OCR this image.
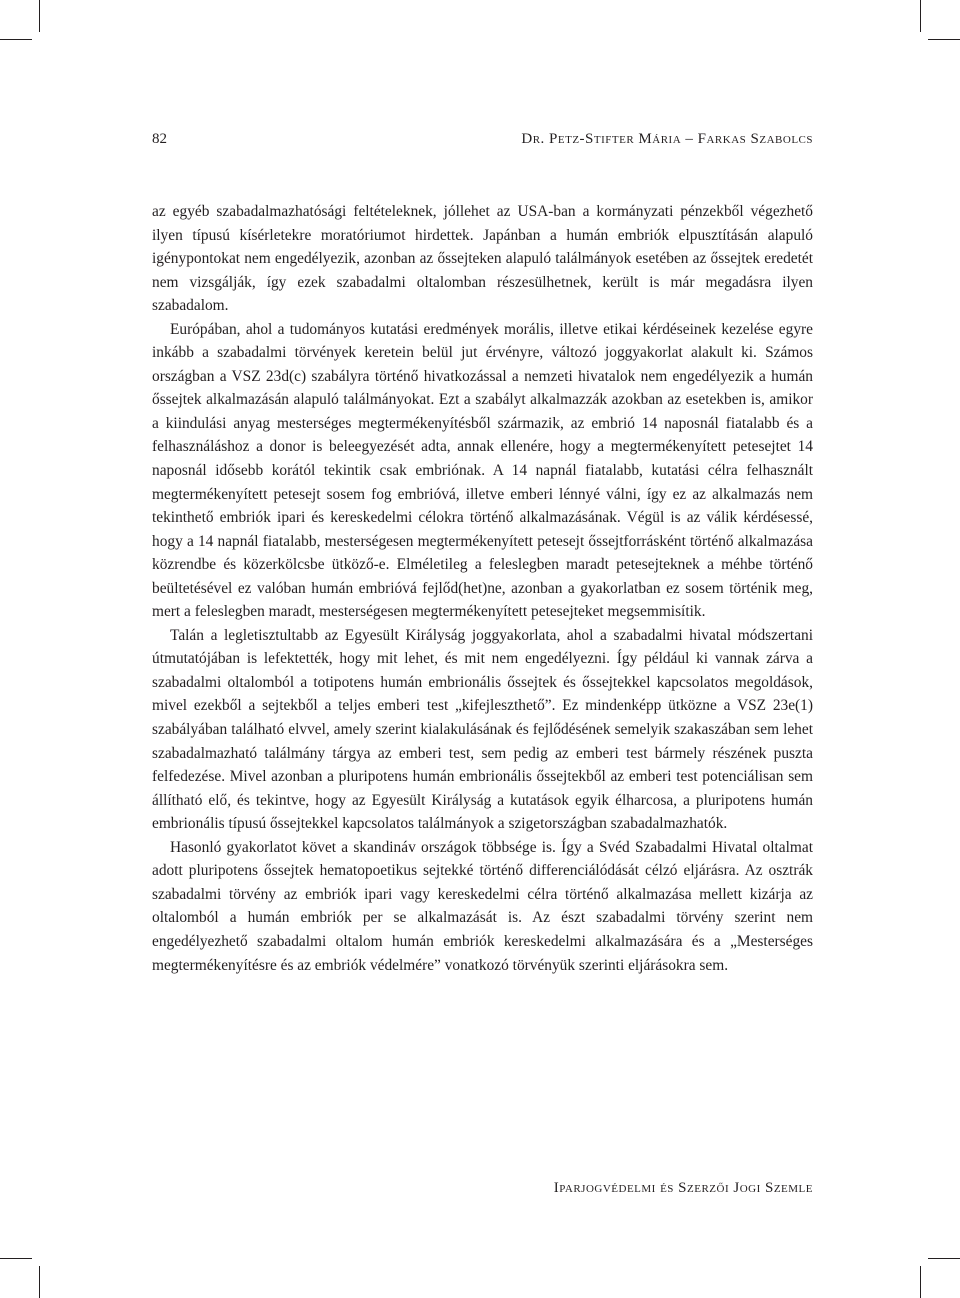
82	Dr. Petz-Stifter Mária – Farkas Szabolcs

az egyéb szabadalmazhatósági feltételeknek, jóllehet az USA-ban a kormányzati pénzekből végezhető ilyen típusú kísérletekre moratóriumot hirdettek. Japánban a humán embriók elpusztításán alapuló igénypontokat nem engedélyezik, azonban az őssejteken alapuló találmányok esetében az őssejtek eredetét nem vizsgálják, így ezek szabadalmi oltalomban részesülhetnek, került is már megadásra ilyen szabadalom.

Európában, ahol a tudományos kutatási eredmények morális, illetve etikai kérdéseinek kezelése egyre inkább a szabadalmi törvények keretein belül jut érvényre, változó joggyakorlat alakult ki. Számos országban a VSZ 23d(c) szabályra történő hivatkozással a nemzeti hivatalok nem engedélyezik a humán őssejtek alkalmazásán alapuló találmányokat. Ezt a szabályt alkalmazzák azokban az esetekben is, amikor a kiindulási anyag mesterséges megtermékenyítésből származik, az embrió 14 naposnál fiatalabb és a felhasználáshoz a donor is beleegyezését adta, annak ellenére, hogy a megtermékenyített petesejtet 14 naposnál idősebb korától tekintik csak embriónak. A 14 napnál fiatalabb, kutatási célra felhasznált megtermékenyített petesejt sosem fog embrióvá, illetve emberi lénnyé válni, így ez az alkalmazás nem tekinthető embriók ipari és kereskedelmi célokra történő alkalmazásának. Végül is az válik kérdésessé, hogy a 14 napnál fiatalabb, mesterségesen megtermékenyített petesejt őssejtforrásként történő alkalmazása közrendbe és közerkölcsbe ütköző-e. Elméletileg a feleslegben maradt petesejteknek a méhbe történő beültetésével ez valóban humán embrióvá fejlőd(het)ne, azonban a gyakorlatban ez sosem történik meg, mert a feleslegben maradt, mesterségesen megtermékenyített petesejteket megsemmisítik.

Talán a legletisztultabb az Egyesült Királyság joggyakorlata, ahol a szabadalmi hivatal módszertani útmutatójában is lefektették, hogy mit lehet, és mit nem engedélyezni. Így például ki vannak zárva a szabadalmi oltalomból a totipotens humán embrionális őssejtek és őssejtekkel kapcsolatos megoldások, mivel ezekből a sejtekből a teljes emberi test „kifejleszthető”. Ez mindenképp ütközne a VSZ 23e(1) szabályában található elvvel, amely szerint kialakulásának és fejlődésének semelyik szakaszában sem lehet szabadalmazható találmány tárgya az emberi test, sem pedig az emberi test bármely részének puszta felfedezése. Mivel azonban a pluripotens humán embrionális őssejtekből az emberi test potenciálisan sem állítható elő, és tekintve, hogy az Egyesült Királyság a kutatások egyik élharcosa, a pluripotens humán embrionális típusú őssejtekkel kapcsolatos találmányok a szigetországban szabadalmazhatók.

Hasonló gyakorlatot követ a skandináv országok többsége is. Így a Svéd Szabadalmi Hivatal oltalmat adott pluripotens őssejtek hematopoetikus sejtekké történő differenciálódását célzó eljárásra. Az osztrák szabadalmi törvény az embriók ipari vagy kereskedelmi célra történő alkalmazása mellett kizárja az oltalomból a humán embriók per se alkalmazását is. Az észt szabadalmi törvény szerint nem engedélyezhető szabadalmi oltalom humán embriók kereskedelmi alkalmazására és a „Mesterséges megtermékenyítésre és az embriók védelmére” vonatkozó törvényük szerinti eljárásokra sem.

Iparjogvédelmi és Szerzői Jogi Szemle
